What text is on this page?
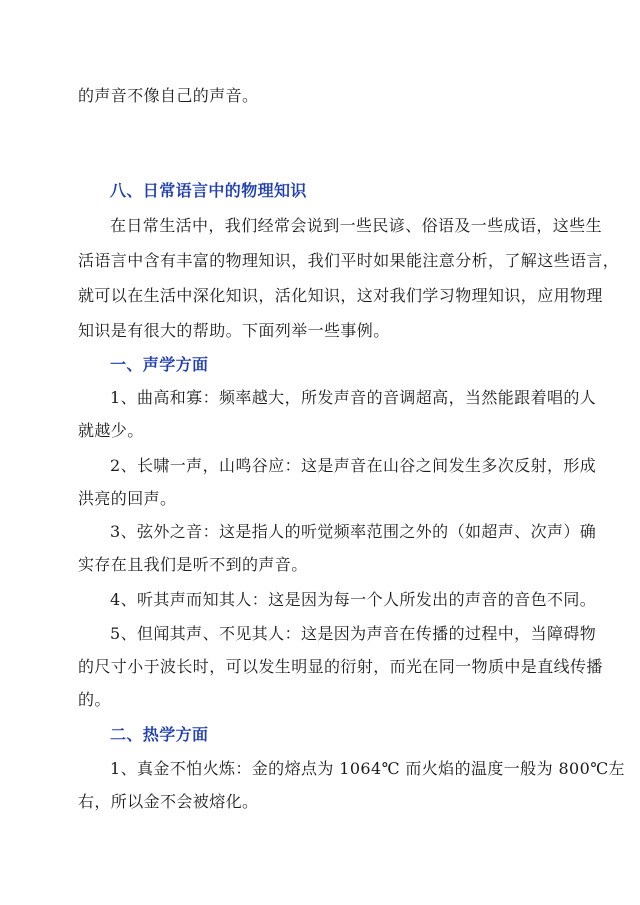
的声音不像自己的声音。
八、日常语言中的物理知识
在日常生活中，我们经常会说到一些民谚、俗语及一些成语，这些生
活语言中含有丰富的物理知识，我们平时如果能注意分析，了解这些语言，
就可以在生活中深化知识，活化知识，这对我们学习物理知识，应用物理
知识是有很大的帮助。下面列举一些事例。
一、声学方面
1、曲高和寡：频率越大，所发声音的音调超高，当然能跟着唱的人
就越少。
2、长啸一声，山鸣谷应：这是声音在山谷之间发生多次反射，形成
洪亮的回声。
3、弦外之音：这是指人的听觉频率范围之外的（如超声、次声）确
实存在且我们是听不到的声音。
4、听其声而知其人：这是因为每一个人所发出的声音的音色不同。
5、但闻其声、不见其人：这是因为声音在传播的过程中，当障碍物
的尺寸小于波长时，可以发生明显的衍射，而光在同一物质中是直线传播
的。
二、热学方面
1、真金不怕火炼：金的熔点为 1064℃ 而火焰的温度一般为 800℃左
右，所以金不会被熔化。
